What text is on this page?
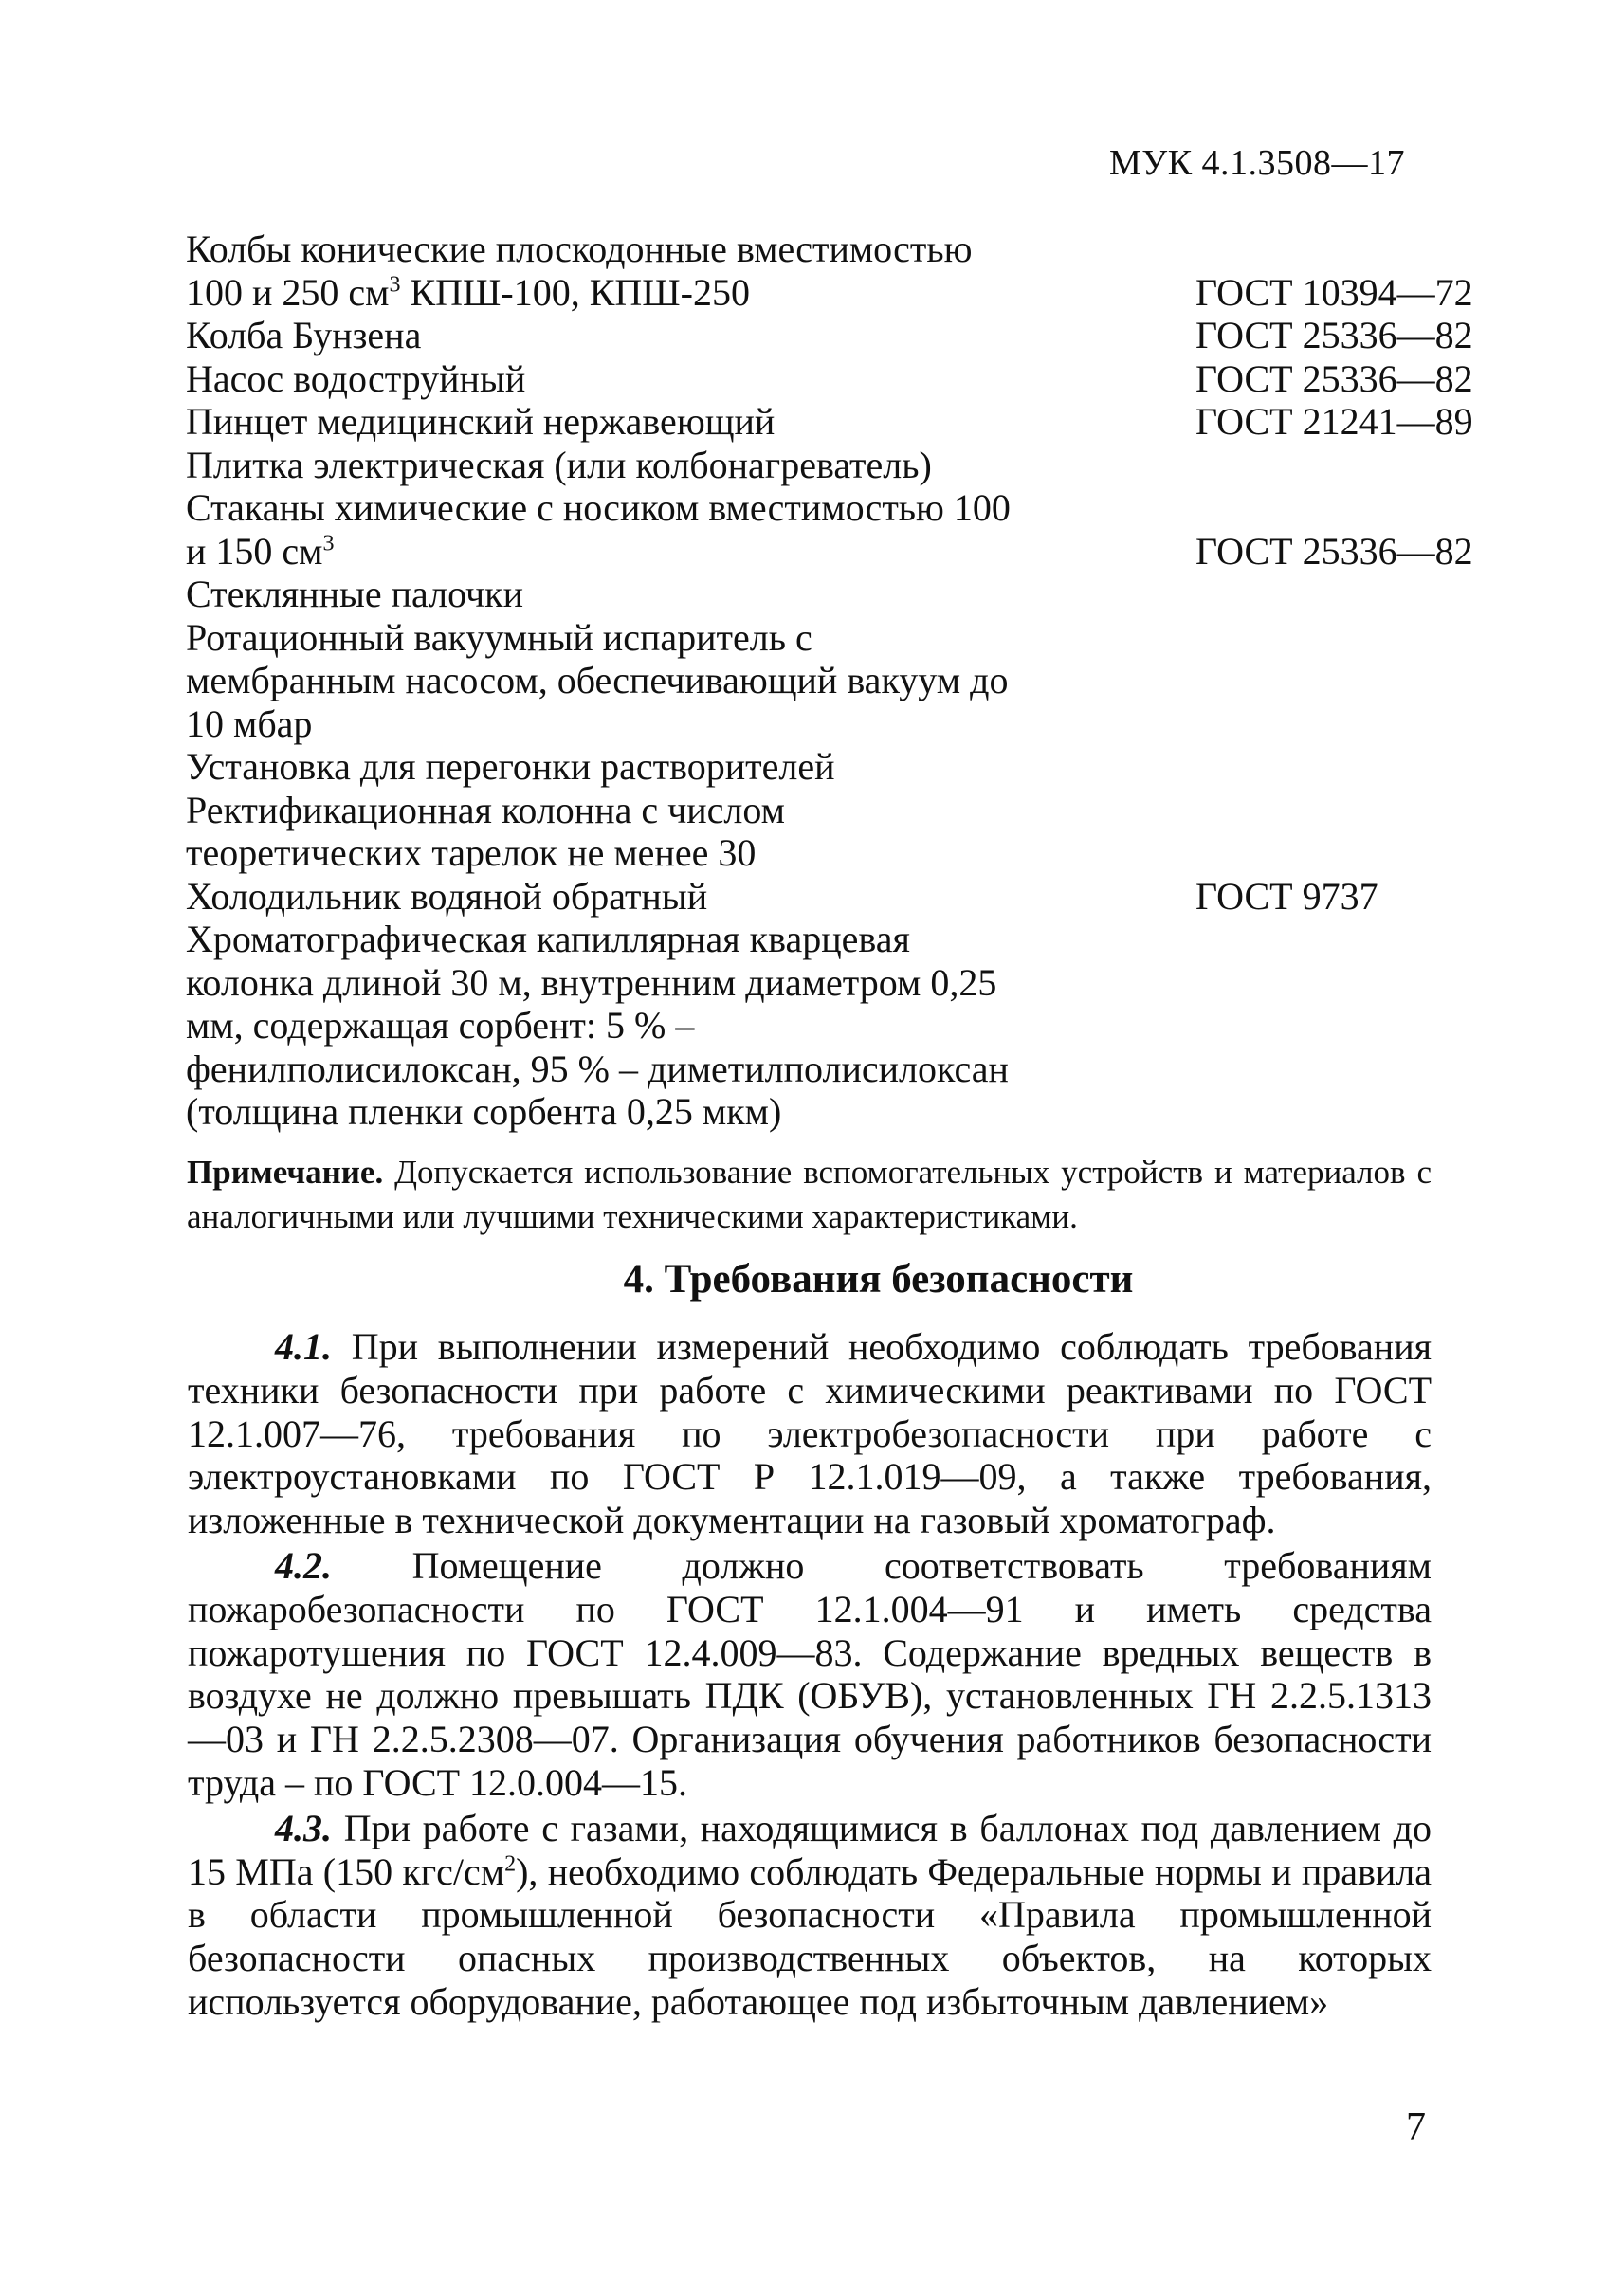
МУК 4.1.3508—17
Колбы конические плоскодонные вместимостью 100 и 250 $см^3$ КПШ-100, КПШ-250	ГОСТ 10394—72
Колба Бунзена	ГОСТ 25336—82
Насос водоструйный	ГОСТ 25336—82
Пинцет медицинский нержавеющий	ГОСТ 21241—89
Плитка электрическая (или колбонагреватель)
Стаканы химические с носиком вместимостью 100 и 150 $см^3$	ГОСТ 25336—82
Стеклянные палочки
Ротационный вакуумный испаритель с мембранным насосом, обеспечивающий вакуум до 10 мбар
Установка для перегонки растворителей
Ректификационная колонна с числом теоретических тарелок не менее 30
Холодильник водяной обратный	ГОСТ 9737
Хроматографическая капиллярная кварцевая колонка длиной 30 м, внутренним диаметром 0,25 мм, содержащая сорбент: 5 % – фенилполисилоксан, 95 % – диметилполисилоксан (толщина пленки сорбента 0,25 мкм)
Примечание. Допускается использование вспомогательных устройств и материалов с аналогичными или лучшими техническими характеристиками.
4. Требования безопасности

4.1. При выполнении измерений необходимо соблюдать требования техники безопасности при работе с химическими реактивами по ГОСТ 12.1.007—76, требования по электробезопасности при работе с электроустановками по ГОСТ Р 12.1.019—09, а также требования, изложенные в технической документации на газовый хроматограф.

4.2. Помещение должно соответствовать требованиям пожаробезопасности по ГОСТ 12.1.004—91 и иметь средства пожаротушения по ГОСТ 12.4.009—83. Содержание вредных веществ в воздухе не должно превышать ПДК (ОБУВ), установленных ГН 2.2.5.1313—03 и ГН 2.2.5.2308—07. Организация обучения работников безопасности труда – по ГОСТ 12.0.004—15.

4.3. При работе с газами, находящимися в баллонах под давлением до 15 МПа (150 кгс/$см^2$), необходимо соблюдать Федеральные нормы и правила в области промышленной безопасности «Правила промышленной безопасности опасных производственных объектов, на которых используется оборудование, работающее под избыточным давлением»

7
